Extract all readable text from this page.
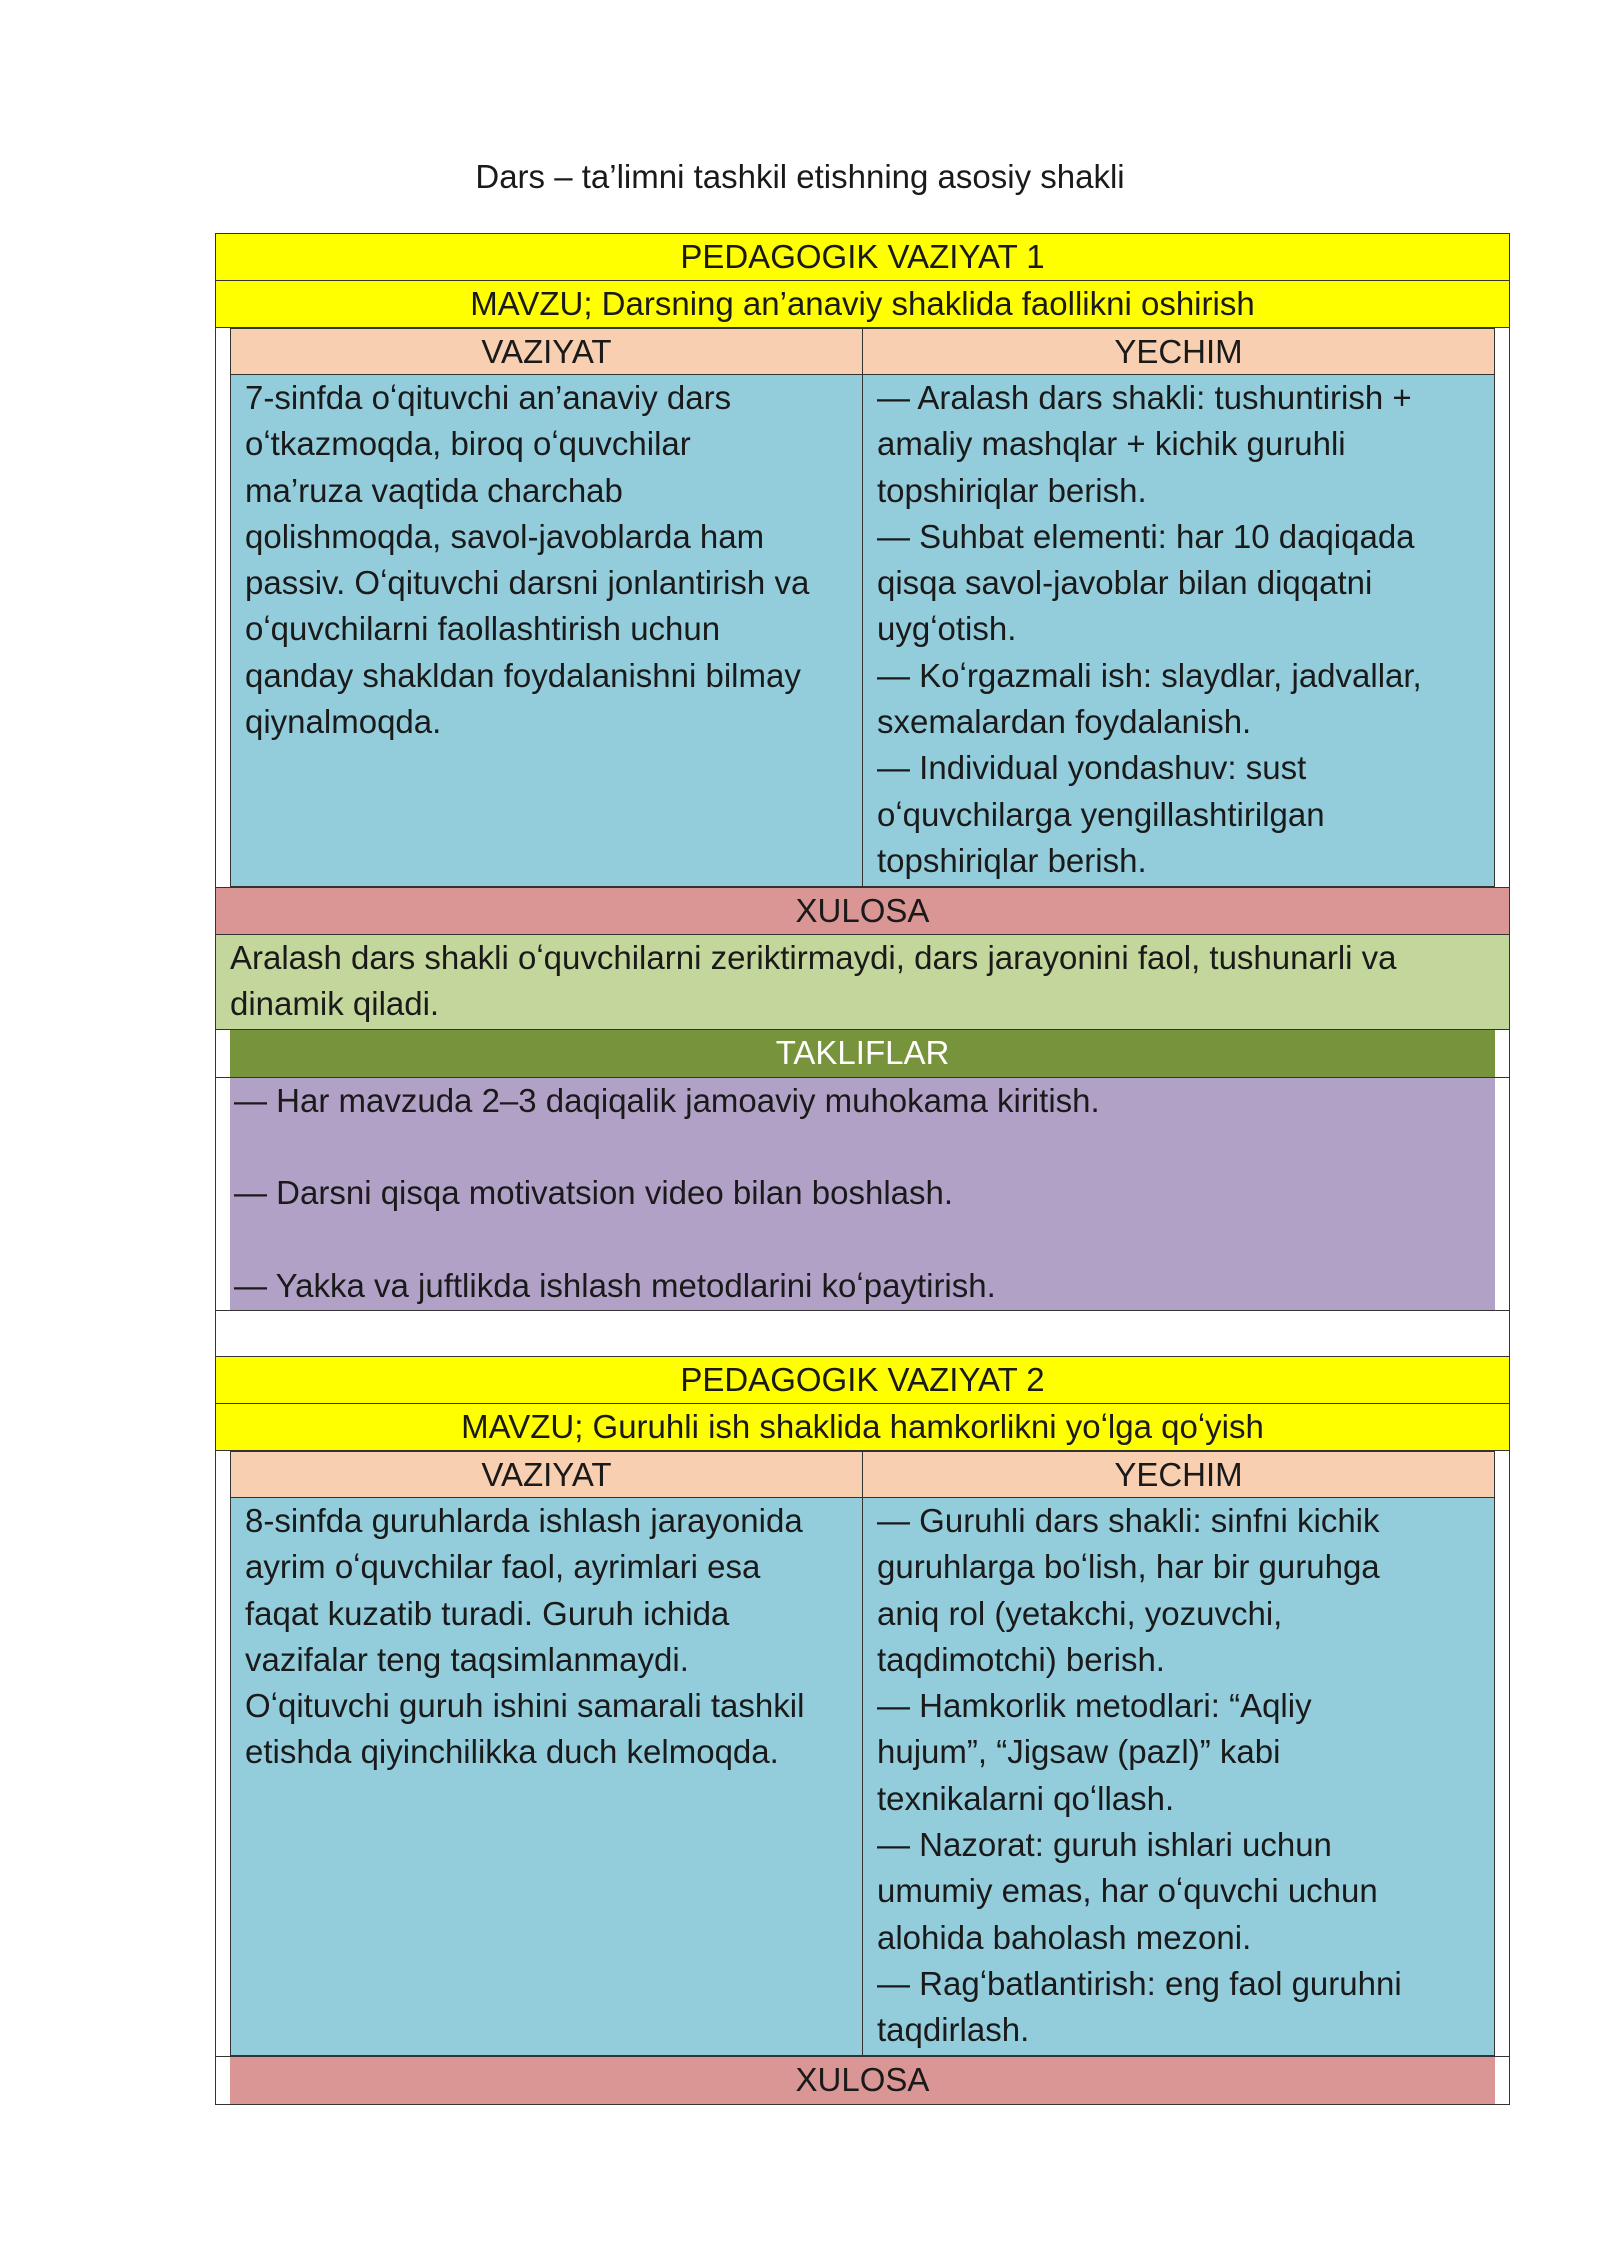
Dars – ta’limni tashkil etishning asosiy shakli
PEDAGOGIK VAZIYAT 1
MAVZU; Darsning an’anaviy shaklida faollikni oshirish
VAZIYAT
7-sinfda oʻqituvchi an’anaviy dars
oʻtkazmoqda, biroq oʻquvchilar
ma’ruza vaqtida charchab
qolishmoqda, savol-javoblarda ham
passiv. Oʻqituvchi darsni jonlantirish va
oʻquvchilarni faollashtirish uchun
qanday shakldan foydalanishni bilmay
qiynalmoqda.
YECHIM
— Aralash dars shakli: tushuntirish +
amaliy mashqlar + kichik guruhli
topshiriqlar berish.
— Suhbat elementi: har 10 daqiqada
qisqa savol-javoblar bilan diqqatni
uygʻotish.
— Koʻrgazmali ish: slaydlar, jadvallar,
sxemalardan foydalanish.
— Individual yondashuv: sust
oʻquvchilarga yengillashtirilgan
topshiriqlar berish.
XULOSA
Aralash dars shakli oʻquvchilarni zeriktirmaydi, dars jarayonini faol, tushunarli va
dinamik qiladi.
TAKLIFLAR

— Har mavzuda 2–3 daqiqalik jamoaviy muhokama kiritish.

— Darsni qisqa motivatsion video bilan boshlash.

— Yakka va juftlikda ishlash metodlarini koʻpaytirish.

PEDAGOGIK VAZIYAT 2
MAVZU; Guruhli ish shaklida hamkorlikni yoʻlga qoʻyish
VAZIYAT
8-sinfda guruhlarda ishlash jarayonida
ayrim oʻquvchilar faol, ayrimlari esa
faqat kuzatib turadi. Guruh ichida
vazifalar teng taqsimlanmaydi.
Oʻqituvchi guruh ishini samarali tashkil
etishda qiyinchilikka duch kelmoqda.
YECHIM
— Guruhli dars shakli: sinfni kichik
guruhlarga boʻlish, har bir guruhga
aniq rol (yetakchi, yozuvchi,
taqdimotchi) berish.
— Hamkorlik metodlari: “Aqliy
hujum”, “Jigsaw (pazl)” kabi
texnikalarni qoʻllash.
— Nazorat: guruh ishlari uchun
umumiy emas, har oʻquvchi uchun
alohida baholash mezoni.
— Ragʻbatlantirish: eng faol guruhni
taqdirlash.
XULOSA
